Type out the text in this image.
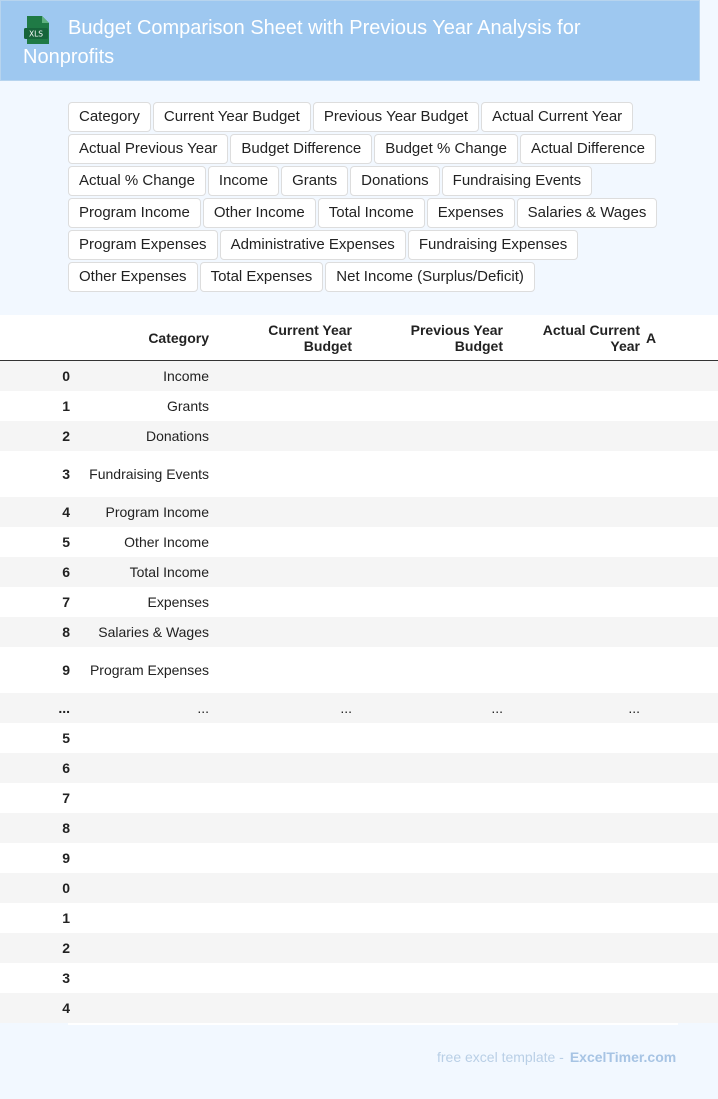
XLS	Budget Comparison Sheet with Previous Year Analysis for Nonprofits
Category	Current Year Budget	Previous Year Budget	Actual Current Year
Actual Previous Year	Budget Difference	Budget % Change	Actual Difference
Actual % Change	Income	Grants	Donations	Fundraising Events
Program Income	Other Income	Total Income	Expenses	Salaries & Wages
Program Expenses	Administrative Expenses	Fundraising Expenses
Other Expenses	Total Expenses	Net Income (Surplus/Deficit)
	Category	Current Year Budget	Previous Year Budget	Actual Current Year	A
0	Income				
1	Grants				
2	Donations				
3	Fundraising Events				
4	Program Income				
5	Other Income				
6	Total Income				
7	Expenses				
8	Salaries & Wages				
9	Program Expenses				
...	...	...	...	...	
5					
6					
7					
8					
9					
0					
1					
2					
3					
4					
free excel template - ExcelTimer.com
